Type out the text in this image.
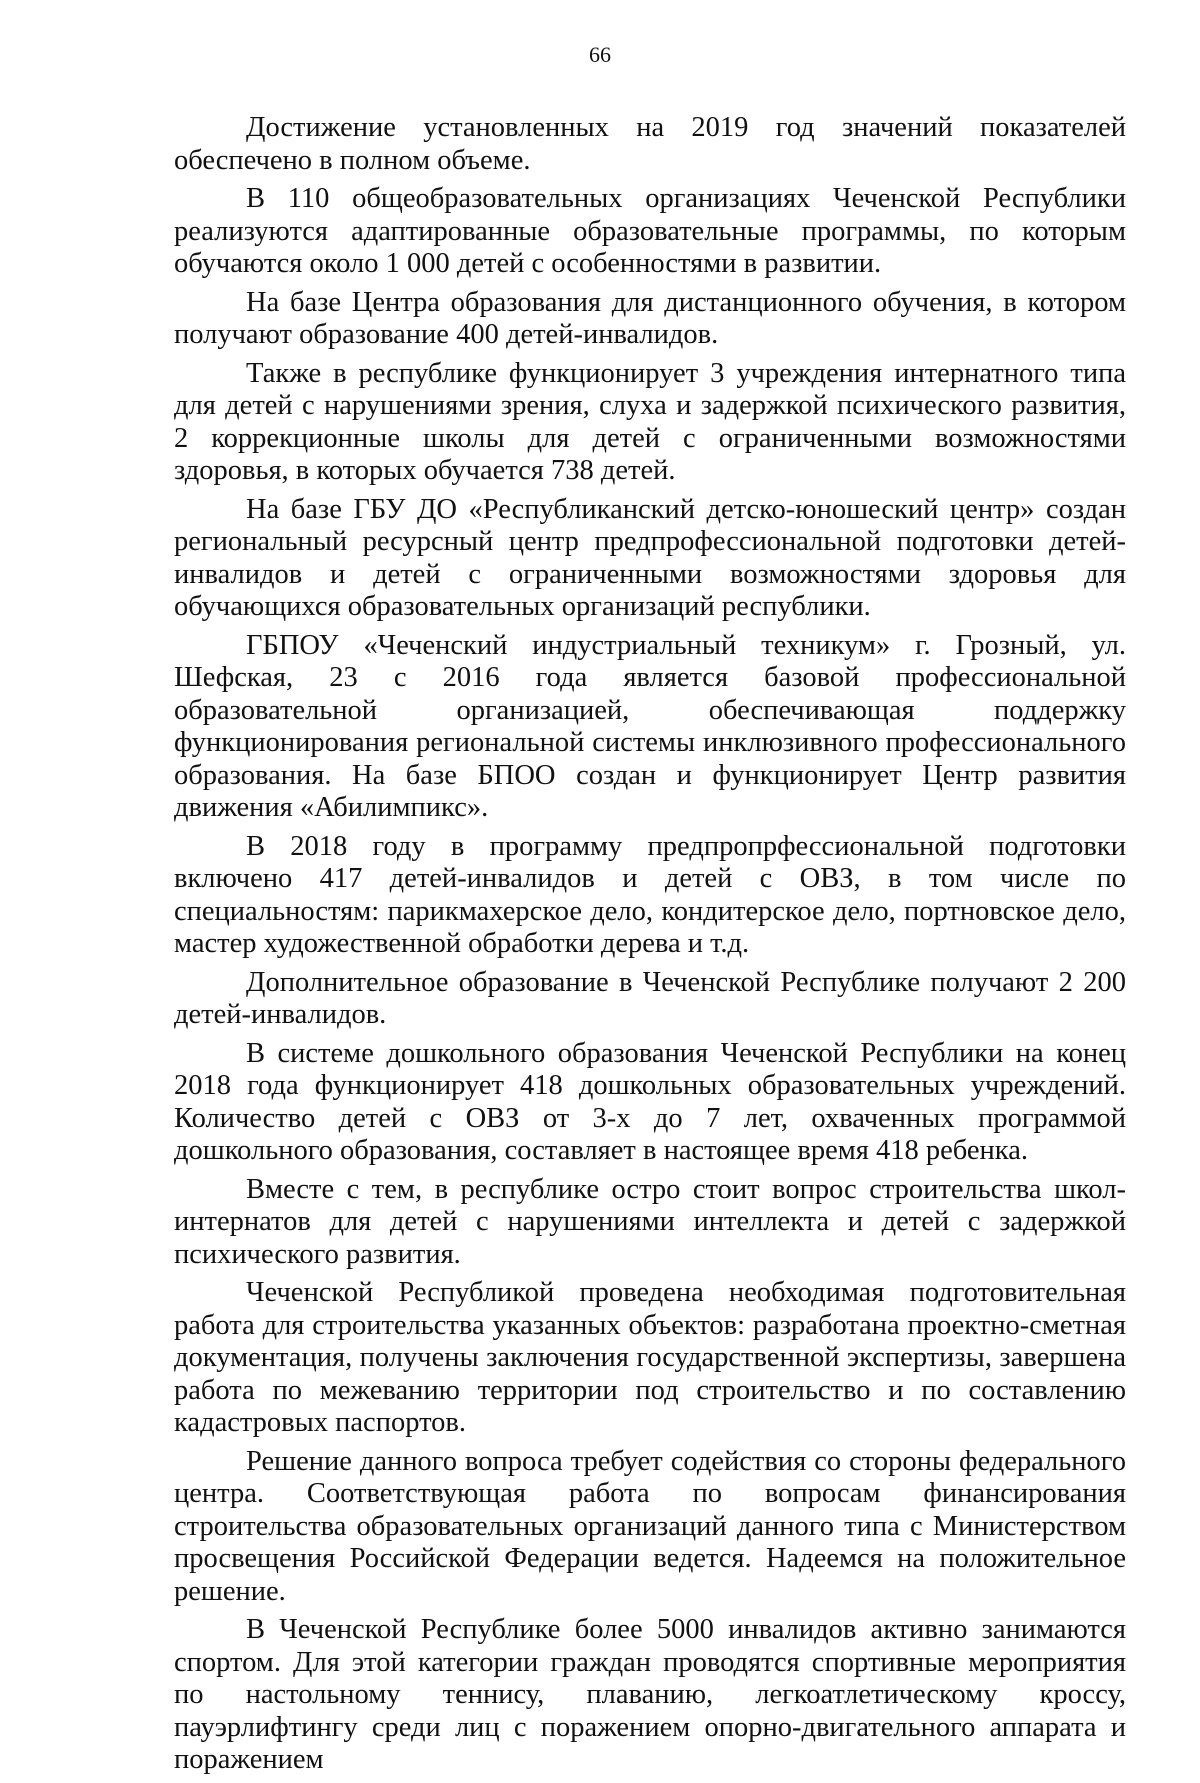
66

Достижение установленных на 2019 год значений показателей обеспечено в полном объеме.

В 110 общеобразовательных организациях Чеченской Республики реализуются адаптированные образовательные программы, по которым обучаются около 1 000 детей с особенностями в развитии.

На базе Центра образования для дистанционного обучения, в котором получают образование 400 детей-инвалидов.

Также в республике функционирует 3 учреждения интернатного типа для детей с нарушениями зрения, слуха и задержкой психического развития, 2 коррекционные школы для детей с ограниченными возможностями здоровья, в которых обучается 738 детей.

На базе ГБУ ДО «Республиканский детско-юношеский центр» создан региональный ресурсный центр предпрофессиональной подготовки детей-инвалидов и детей с ограниченными возможностями здоровья для обучающихся образовательных организаций республики.

ГБПОУ «Чеченский индустриальный техникум» г. Грозный, ул. Шефская, 23 с 2016 года является базовой профессиональной образовательной организацией, обеспечивающая поддержку функционирования региональной системы инклюзивного профессионального образования. На базе БПОО создан и функционирует Центр развития движения «Абилимпикс».

В 2018 году в программу предпропрфессиональной подготовки включено 417 детей-инвалидов и детей с ОВЗ, в том числе по специальностям: парикмахерское дело, кондитерское дело, портновское дело, мастер художественной обработки дерева и т.д.

Дополнительное образование в Чеченской Республике получают 2 200 детей-инвалидов.

В системе дошкольного образования Чеченской Республики на конец 2018 года функционирует 418 дошкольных образовательных учреждений. Количество детей с ОВЗ от 3-х до 7 лет, охваченных программой дошкольного образования, составляет в настоящее время 418 ребенка.

Вместе с тем, в республике остро стоит вопрос строительства школ-интернатов для детей с нарушениями интеллекта и детей с задержкой психического развития.

Чеченской Республикой проведена необходимая подготовительная работа для строительства указанных объектов: разработана проектно-сметная документация, получены заключения государственной экспертизы, завершена работа по межеванию территории под строительство и по составлению кадастровых паспортов.

Решение данного вопроса требует содействия со стороны федерального центра. Соответствующая работа по вопросам финансирования строительства образовательных организаций данного типа с Министерством просвещения Российской Федерации ведется. Надеемся на положительное решение.

В Чеченской Республике более 5000 инвалидов активно занимаются спортом. Для этой категории граждан проводятся спортивные мероприятия по настольному теннису, плаванию, легкоатлетическому кроссу, пауэрлифтингу среди лиц с поражением опорно-двигательного аппарата и поражением
